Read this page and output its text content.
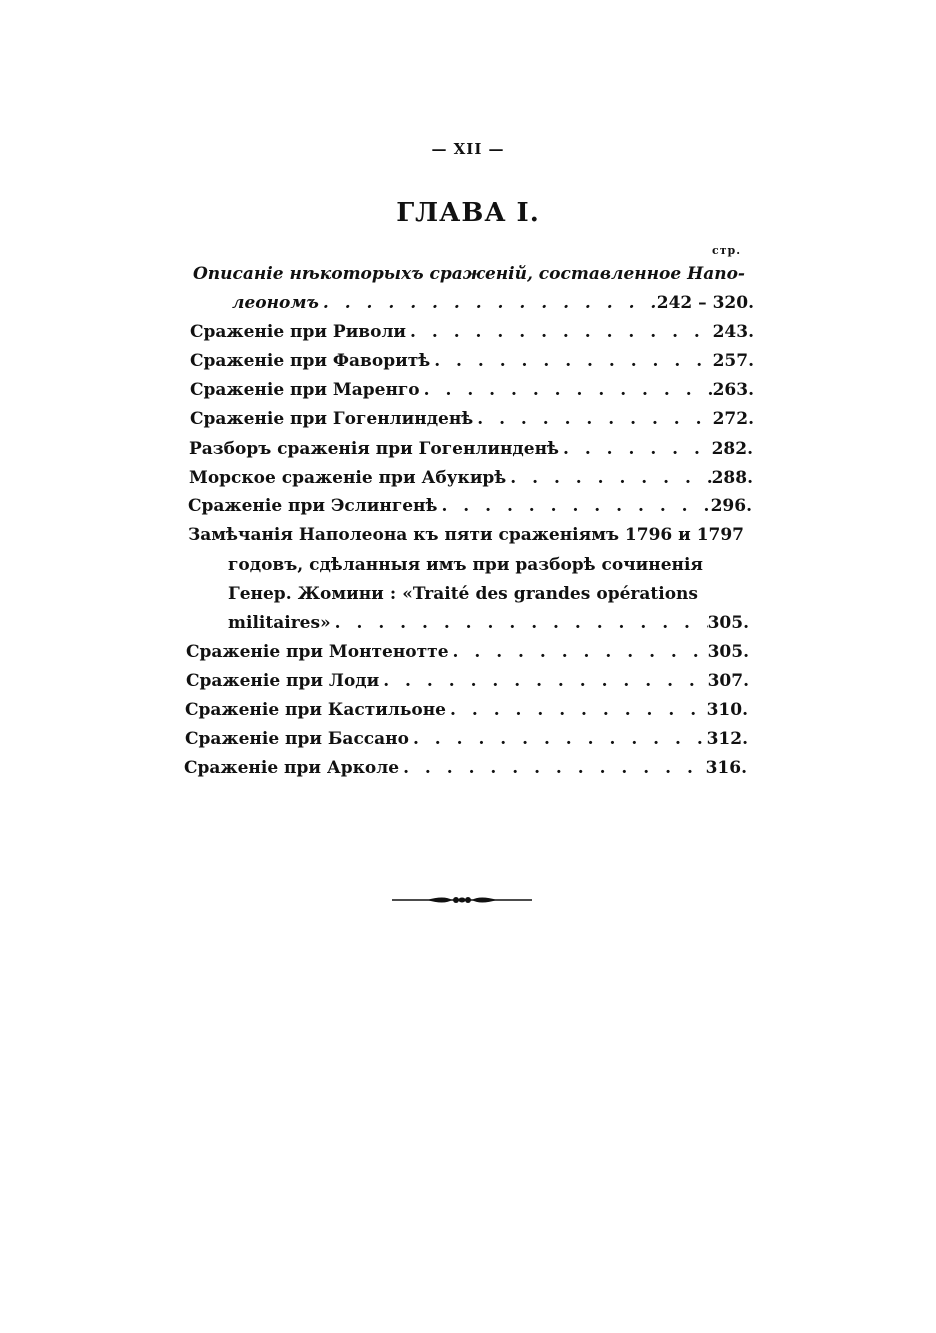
— XII —
ГЛАВА I.
стр.
Описаніе нѣкоторыхъ сраженій, составленное Напо-
леономъ . . .	242 – 320.
Сраженіе при Риволи . . .	243.
Сраженіе при Фаворитѣ . . .	257.
Сраженіе при Маренго . . .	263.
Сраженіе при Гогенлинденѣ . . .	272.
Разборъ сраженія при Гогенлинденѣ . . .	282.
Морское сраженіе при Абукирѣ . . .	288.
Сраженіе при Эслингенѣ . . .	296.
Замѣчанія Наполеона къ пяти сраженіямъ 1796 и 1797
годовъ, сдѣланныя имъ при разборѣ сочиненія
Генер. Жомини : «Traité des grandes opérations
militaires» . . .	305.
Сраженіе при Монтенотте . . .	305.
Сраженіе при Лоди . . .	307.
Сраженіе при Кастильоне . . .	310.
Сраженіе при Бассано . . .	312.
Сраженіе при Арколе . . .	316.
